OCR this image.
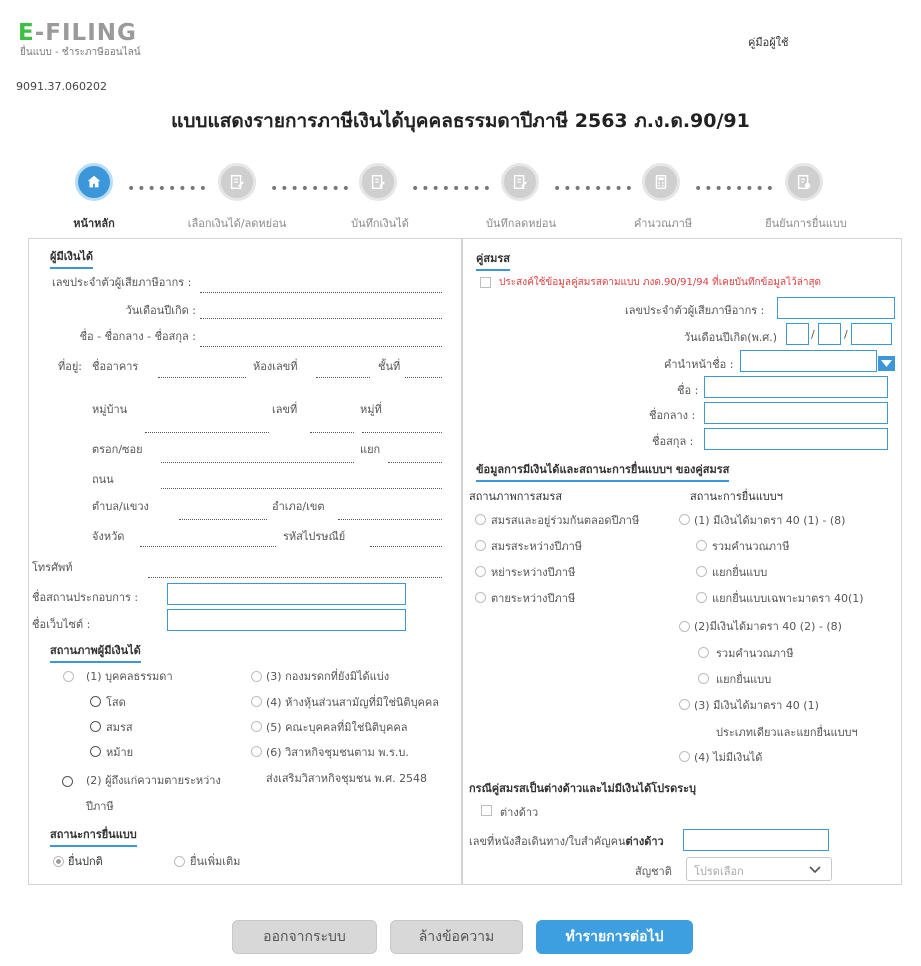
E-FILING
ยื่นแบบ - ชำระภาษีออนไลน์
คู่มือผู้ใช้
9091.37.060202
แบบแสดงรายการภาษีเงินได้บุคคลธรรมดาปีภาษี 2563 ภ.ง.ด.90/91
••••••••	••••••••	••••••••	••••••••	••••••••
หน้าหลัก	เลือกเงินได้/ลดหย่อน	บันทึกเงินได้	บันทึกลดหย่อน	คำนวณภาษี	ยืนยันการยื่นแบบ
ผู้มีเงินได้
เลขประจำตัวผู้เสียภาษีอากร :
วันเดือนปีเกิด :
ชื่อ - ชื่อกลาง - ชื่อสกุล :
ที่อยู่: ชื่ออาคาร	ห้องเลขที่	ชั้นที่
หมู่บ้าน	เลขที่	หมู่ที่
ตรอก/ซอย	แยก
ถนน
ตำบล/แขวง	อำเภอ/เขต
จังหวัด	รหัสไปรษณีย์
โทรศัพท์
ชื่อสถานประกอบการ :
ชื่อเว็บไซต์ :
สถานภาพผู้มีเงินได้
(1) บุคคลธรรมดา
โสด
สมรส
หม้าย
(2) ผู้ถึงแก่ความตายระหว่าง
ปีภาษี
(3) กองมรดกที่ยังมิได้แบ่ง
(4) ห้างหุ้นส่วนสามัญที่มิใช่นิติบุคคล
(5) คณะบุคคลที่มิใช่นิติบุคคล
(6) วิสาหกิจชุมชนตาม พ.ร.บ.
ส่งเสริมวิสาหกิจชุมชน พ.ศ. 2548
สถานะการยื่นแบบ
ยื่นปกติ	ยื่นเพิ่มเติม
คู่สมรส
ประสงค์ใช้ข้อมูลคู่สมรสตามแบบ ภงด.90/91/94 ที่เคยบันทึกข้อมูลไว้ล่าสุด
เลขประจำตัวผู้เสียภาษีอากร :
วันเดือนปีเกิด(พ.ศ.)	/	/
คำนำหน้าชื่อ :
ชื่อ :
ชื่อกลาง :
ชื่อสกุล :
ข้อมูลการมีเงินได้และสถานะการยื่นแบบฯ ของคู่สมรส
สถานภาพการสมรส	สถานะการยื่นแบบฯ
สมรสและอยู่ร่วมกันตลอดปีภาษี
สมรสระหว่างปีภาษี
หย่าระหว่างปีภาษี
ตายระหว่างปีภาษี
(1) มีเงินได้มาตรา 40 (1) - (8)
รวมคำนวณภาษี
แยกยื่นแบบ
แยกยื่นแบบเฉพาะมาตรา 40(1)
(2)มีเงินได้มาตรา 40 (2) - (8)
รวมคำนวณภาษี
แยกยื่นแบบ
(3) มีเงินได้มาตรา 40 (1)
ประเภทเดียวและแยกยื่นแบบฯ
(4) ไม่มีเงินได้
กรณีคู่สมรสเป็นต่างด้าวและไม่มีเงินได้โปรดระบุ
ต่างด้าว
เลขที่หนังสือเดินทาง/ใบสำคัญคนต่างด้าว
สัญชาติ โปรดเลือก
ออกจากระบบ	ล้างข้อความ	ทำรายการต่อไป
